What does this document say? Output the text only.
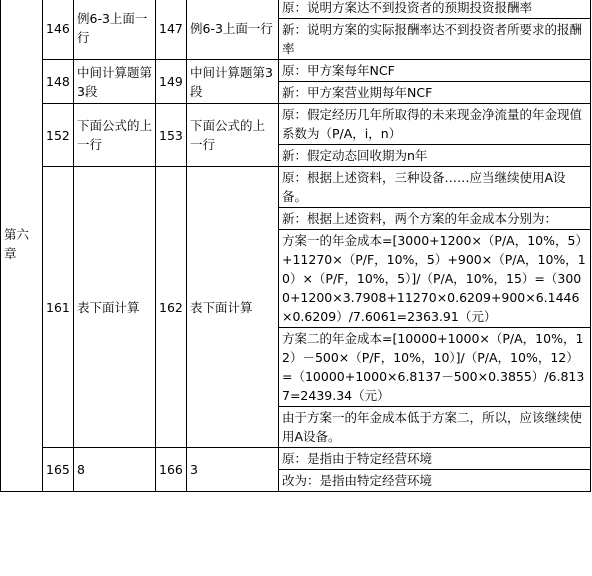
第六章	146	例6-3上面一行	147	例6-3上面一行	原：说明方案达不到投资者的预期投资报酬率
					新：说明方案的实际报酬率达不到投资者所要求的报酬率
	148	中间计算题第3段	149	中间计算题第3段	原：甲方案每年NCF
					新：甲方案营业期每年NCF
	152	下面公式的上一行	153	下面公式的上一行	原：假定经历几年所取得的未来现金净流量的年金现值系数为（P/A，i，n）
					新：假定动态回收期为n年
	161	表下面计算	162	表下面计算	原：根据上述资料，三种设备……应当继续使用A设备。
					新：根据上述资料，两个方案的年金成本分别为：
					方案一的年金成本=[3000+1200×（P/A，10%，5）+11270×（P/F，10%，5）+900×（P/A，10%，10）×（P/F，10%，5）]/（P/A，10%，15）=（3000+1200×3.7908+11270×0.6209+900×6.1446×0.6209）/7.6061=2363.91（元）
					方案二的年金成本=[10000+1000×（P/A，10%，12）－500×（P/F，10%，10）]/（P/A，10%，12）=（10000+1000×6.8137－500×0.3855）/6.8137=2439.34（元）
					由于方案一的年金成本低于方案二，所以，应该继续使用A设备。
	165	8	166	3	原：是指由于特定经营环境
					改为：是指由特定经营环境
